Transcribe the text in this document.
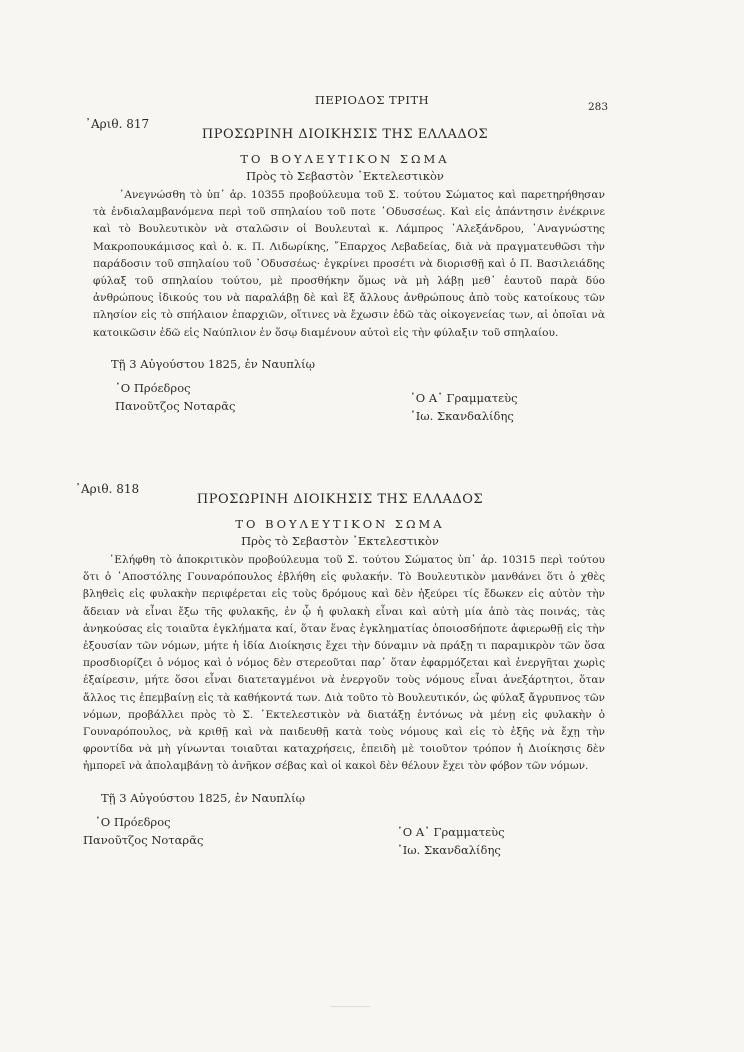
ΠΕΡΙΟΔΟΣ ΤΡΙΤΗ	283
᾽Αριθ. 817
ΠΡΟΣΩΡΙΝΗ ΔΙΟΙΚΗΣΙΣ ΤΗΣ ΕΛΛΑΔΟΣ
ΤΟ ΒΟΥΛΕΥΤΙΚΟΝ ΣΩΜΑ
Πρὸς τὸ Σεβαστὸν ᾽Εκτελεστικὸν

᾽Ανεγνώσθη τὸ ὑπ᾽ ἀρ. 10355 προβούλευμα τοῦ Σ. τούτου Σώματος καὶ παρετηρήθησαν τὰ ἐνδιαλαμβανόμενα περὶ τοῦ σπηλαίου τοῦ ποτε ᾽Οδυσσέως. Καὶ εἰς ἀπάντησιν ἐνέκρινε καὶ τὸ Βουλευτικὸν νὰ σταλῶσιν οἱ Βουλευταὶ κ. Λάμπρος ᾽Αλεξάνδρου, ᾽Αναγνώστης Μακροπουκάμισος καὶ ὁ. κ. Π. Λιδωρίκης, ῎Επαρχος Λεβαδείας, διὰ νὰ πραγματευθῶσι τὴν παράδοσιν τοῦ σπηλαίου τοῦ ᾽Οδυσσέως· ἐγκρίνει προσέτι νὰ διορισθῇ καὶ ὁ Π. Βασιλειάδης φύλαξ τοῦ σπηλαίου τούτου, μὲ προσθήκην ὅμως νὰ μὴ λάβῃ μεθ᾽ ἑαυτοῦ παρὰ δύο ἀνθρώπους ἰδικούς του νὰ παραλάβῃ δὲ καὶ ἓξ ἄλλους ἀνθρώπους ἀπὸ τοὺς κατοίκους τῶν πλησίον εἰς τὸ σπήλαιον ἐπαρχιῶν, οἵτινες νὰ ἔχωσιν ἐδῶ τὰς οἰκογενείας των, αἱ ὁποῖαι νὰ κατοικῶσιν ἐδῶ εἰς Ναύπλιον ἐν ὅσῳ διαμένουν αὐτοὶ εἰς τὴν φύλαξιν τοῦ σπηλαίου.

Τῇ 3 Αὐγούστου 1825, ἐν Ναυπλίῳ
῾Ο Πρόεδρος
Πανοῦτζος Νοταρᾶς
῾Ο Α᾽ Γραμματεὺς
᾽Ιω. Σκανδαλίδης
᾽Αριθ. 818
ΠΡΟΣΩΡΙΝΗ ΔΙΟΙΚΗΣΙΣ ΤΗΣ ΕΛΛΑΔΟΣ
ΤΟ ΒΟΥΛΕΥΤΙΚΟΝ ΣΩΜΑ
Πρὸς τὸ Σεβαστὸν ᾽Εκτελεστικὸν

᾽Ελήφθη τὸ ἀποκριτικὸν προβούλευμα τοῦ Σ. τούτου Σώματος ὑπ᾽ ἀρ. 10315 περὶ τούτου ὅτι ὁ ᾽Αποστόλης Γουναρόπουλος ἐβλήθη εἰς φυλακήν. Τὸ Βουλευτικὸν μανθάνει ὅτι ὁ χθὲς βληθεὶς εἰς φυλακὴν περιφέρεται εἰς τοὺς δρόμους καὶ δὲν ἠξεύρει τίς ἔδωκεν εἰς αὐτὸν τὴν ἄδειαν νὰ εἶναι ἔξω τῆς φυλακῆς, ἐν ᾧ ἡ φυλακὴ εἶναι καὶ αὐτὴ μία ἀπὸ τὰς ποινάς, τὰς ἀνηκούσας εἰς τοιαῦτα ἐγκλήματα καί, ὅταν ἕνας ἐγκληματίας ὁποιοσδήποτε ἀφιερωθῇ εἰς τὴν ἐξουσίαν τῶν νόμων, μήτε ἡ ἰδία Διοίκησις ἔχει τὴν δύναμιν νὰ πράξῃ τι παραμικρὸν τῶν ὅσα προσδιορίζει ὁ νόμος καὶ ὁ νόμος δὲν στερεοῦται παρ᾽ ὅταν ἐφαρμόζεται καὶ ἐνεργῆται χωρὶς ἐξαίρεσιν, μήτε ὅσοι εἶναι διατεταγμένοι νὰ ἐνεργοῦν τοὺς νόμους εἶναι ἀνεξάρτητοι, ὅταν ἄλλος τις ἐπεμβαίνῃ εἰς τὰ καθήκοντά των. Διὰ τοῦτο τὸ Βουλευτικόν, ὡς φύλαξ ἄγρυπνος τῶν νόμων, προβάλλει πρὸς τὸ Σ. ᾽Εκτελεστικὸν νὰ διατάξῃ ἐντόνως νὰ μένῃ εἰς φυλακὴν ὁ Γουναρόπουλος, νὰ κριθῇ καὶ νὰ παιδευθῇ κατὰ τοὺς νόμους καὶ εἰς τὸ ἑξῆς νὰ ἔχῃ τὴν φροντίδα νὰ μὴ γίνωνται τοιαῦται καταχρήσεις, ἐπειδὴ μὲ τοιοῦτον τρόπον ἡ Διοίκησις δὲν ἠμπορεῖ νὰ ἀπολαμβάνῃ τὸ ἀνῆκον σέβας καὶ οἱ κακοὶ δὲν θέλουν ἔχει τὸν φόβον τῶν νόμων.

Τῇ 3 Αὐγούστου 1825, ἐν Ναυπλίῳ
῾Ο Πρόεδρος
Πανοῦτζος Νοταρᾶς
῾Ο Α᾽ Γραμματεὺς
᾽Ιω. Σκανδαλίδης
